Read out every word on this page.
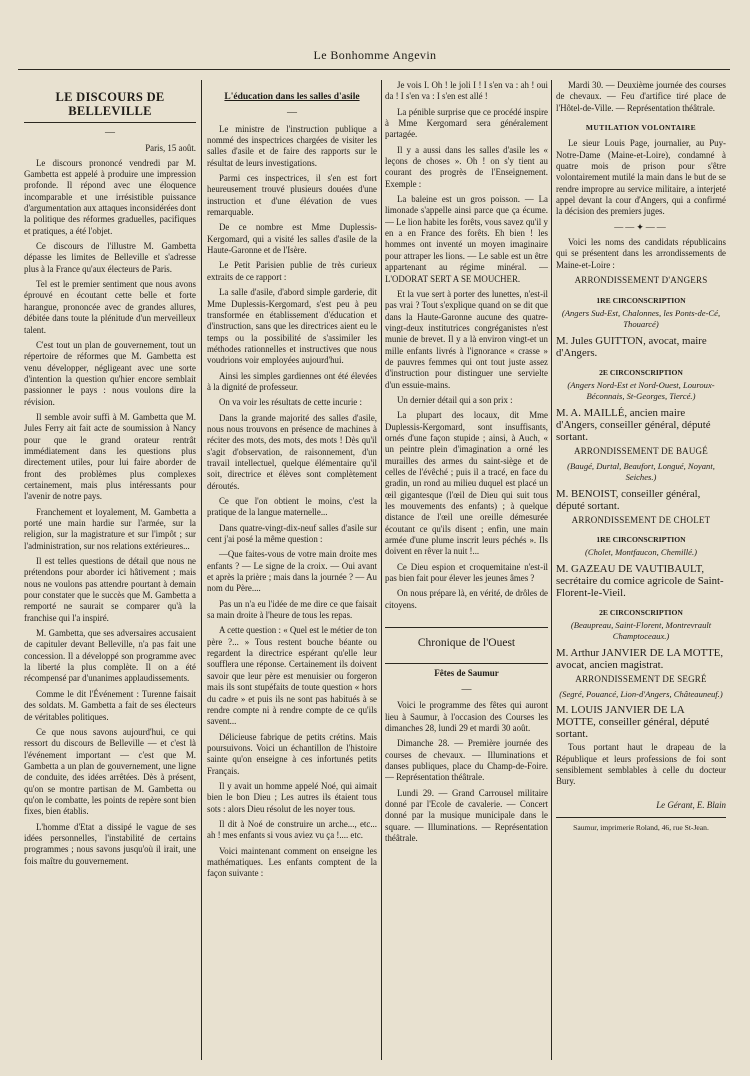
Le Bonhomme Angevin
LE DISCOURS DE BELLEVILLE
—
Paris, 15 août.

Le discours prononcé vendredi par M. Gambetta est appelé à produire une impression profonde. Il répond avec une éloquence incomparable et une irrésistible puissance d'argumentation aux attaques inconsidérées dont la politique des réformes graduelles, pacifiques et pratiques, a été l'objet.

Ce discours de l'illustre M. Gambetta dépasse les limites de Belleville et s'adresse plus à la France qu'aux électeurs de Paris.

Tel est le premier sentiment que nous avons éprouvé en écoutant cette belle et forte harangue, prononcée avec de grandes allures, débitée dans toute la plénitude d'un merveilleux talent.

C'est tout un plan de gouvernement, tout un répertoire de réformes que M. Gambetta est venu développer, négligeant avec une sorte d'intention la question qu'hier encore semblait passionner le pays : nous voulons dire la révision.

Il semble avoir suffi à M. Gambetta que M. Jules Ferry ait fait acte de soumission à Nancy pour que le grand orateur rentrât immédiatement dans les questions plus directement utiles, pour lui faire aborder de front des problèmes plus complexes certainement, mais plus intéressants pour l'avenir de notre pays.

Franchement et loyalement, M. Gambetta a porté une main hardie sur l'armée, sur la religion, sur la magistrature et sur l'impôt ; sur l'administration, sur nos relations extérieures...

Il est telles questions de détail que nous ne prétendons pour aborder ici hâtivement ; mais nous ne voulons pas attendre pourtant à demain pour constater que le succès que M. Gambetta a remporté ne saurait se comparer qu'à la franchise qui l'a inspiré.

M. Gambetta, que ses adversaires accusaient de capituler devant Belleville, n'a pas fait une concession. Il a développé son programme avec la liberté la plus complète. Il on a été récompensé par d'unanimes applaudissements.

Comme le dit l'Événement : Turenne faisait des soldats. M. Gambetta a fait de ses électeurs de véritables politiques.

Ce que nous savons aujourd'hui, ce qui ressort du discours de Belleville — et c'est là l'événement important — c'est que M. Gambetta a un plan de gouvernement, une ligne de conduite, des idées arrêtées. Dès à présent, qu'on se montre partisan de M. Gambetta ou qu'on le combatte, les points de repère sont bien fixes, bien établis.

L'homme d'Etat a dissipé le vague de ses idées personnelles, l'instabilité de certains programmes ; nous savons jusqu'où il irait, une fois maître du gouvernement.

L'éducation dans les salles d'asile
—

Le ministre de l'instruction publique a nommé des inspectrices chargées de visiter les salles d'asile et de faire des rapports sur le résultat de leurs investigations.

Parmi ces inspectrices, il s'en est fort heureusement trouvé plusieurs douées d'une instruction et d'une élévation de vues remarquable.

De ce nombre est Mme Duplessis-Kergomard, qui a visité les salles d'asile de la Haute-Garonne et de l'Isère.

Le Petit Parisien publie de très curieux extraits de ce rapport :

La salle d'asile, d'abord simple garderie, dit Mme Duplessis-Kergomard, s'est peu à peu transformée en établissement d'éducation et d'instruction, sans que les directrices aient eu le temps ou la possibilité de s'assimiler les méthodes rationnelles et instructives que nous voudrions voir employées aujourd'hui.

Ainsi les simples gardiennes ont été élevées à la dignité de professeur.

On va voir les résultats de cette incurie :

Dans la grande majorité des salles d'asile, nous nous trouvons en présence de machines à réciter des mots, des mots, des mots ! Dès qu'il s'agit d'observation, de raisonnement, d'un travail intellectuel, quelque élémentaire qu'il soit, directrice et élèves sont complètement déroutés.

Ce que l'on obtient le moins, c'est la pratique de la langue maternelle...

Dans quatre-vingt-dix-neuf salles d'asile sur cent j'ai posé la même question :

—Que faites-vous de votre main droite mes enfants ? — Le signe de la croix. — Oui avant et après la prière ; mais dans la journée ? — Au nom du Père....

Pas un n'a eu l'idée de me dire ce que faisait sa main droite à l'heure de tous les repas.

A cette question : « Quel est le métier de ton père ?... » Tous restent bouche béante ou regardent la directrice espérant qu'elle leur soufflera une réponse. Certainement ils doivent savoir que leur père est menuisier ou forgeron mais ils sont stupéfaits de toute question « hors du cadre » et puis ils ne sont pas habitués à se rendre compte ni à rendre compte de ce qu'ils savent...

Délicieuse fabrique de petits crétins. Mais poursuivons. Voici un échantillon de l'histoire sainte qu'on enseigne à ces infortunés petits Français.

Il y avait un homme appelé Noé, qui aimait bien le bon Dieu ; Les autres ils étaient tous sots : alors Dieu résolut de les noyer tous.

Il dit à Noé de construire un arche..., etc... ah ! mes enfants si vous aviez vu ça !.... etc.

Voici maintenant comment on enseigne les mathématiques. Les enfants comptent de la façon suivante :

Je vois I. Oh ! le joli I ! I s'en va : ah ! oui da ! I s'en va : I s'en est allé !

La pénible surprise que ce procédé inspire à Mme Kergomard sera généralement partagée.

Il y a aussi dans les salles d'asile les « leçons de choses ». Oh ! on s'y tient au courant des progrès de l'Enseignement. Exemple :

La baleine est un gros poisson. — La limonade s'appelle ainsi parce que ça écume. — Le lion habite les forêts, vous savez qu'il y en a en France des forêts. Eh bien ! les hommes ont inventé un moyen imaginaire pour attraper les lions. — Le sable est un être appartenant au régime minéral. — L'ODORAT SERT A SE MOUCHER.

Et la vue sert à porter des lunettes, n'est-il pas vrai ? Tout s'explique quand on se dit que dans la Haute-Garonne aucune des quatre-vingt-deux institutrices congréganistes n'est munie de brevet. Il y a là environ vingt-et un mille enfants livrés à l'ignorance « crasse » de pauvres femmes qui ont tout juste assez d'instruction pour distinguer une servielte d'un essuie-mains.

Un dernier détail qui a son prix :

La plupart des locaux, dit Mme Duplessis-Kergomard, sont insuffisants, ornés d'une façon stupide ; ainsi, à Auch, « un peintre plein d'imagination a orné les murailles des armes du saint-siège et de celles de l'évêché ; puis il a tracé, en face du gradin, un rond au milieu duquel est placé un œil gigantesque (l'œil de Dieu qui suit tous les mouvements des enfants) ; à quelque distance de l'œil une oreille démesurée écoutant ce qu'ils disent ; enfin, une main armée d'une plume inscrit leurs péchés ». Ils doivent en rêver la nuit !...

Ce Dieu espion et croquemitaine n'est-il pas bien fait pour élever les jeunes âmes ?

On nous prépare là, en vérité, de drôles de citoyens.

Chronique de l'Ouest
Fêtes de Saumur
—

Voici le programme des fêtes qui auront lieu à Saumur, à l'occasion des Courses les dimanches 28, lundi 29 et mardi 30 août.

Dimanche 28. — Première journée des courses de chevaux. — Illuminations et danses publiques, place du Champ-de-Foire. — Représentation théâtrale.

Lundi 29. — Grand Carrousel militaire donné par l'Ecole de cavalerie. — Concert donné par la musique municipale dans le square. — Illuminations. — Représentation théâtrale.

Mardi 30. — Deuxième journée des courses de chevaux. — Feu d'artifice tiré place de l'Hôtel-de-Ville. — Représentation théâtrale.

MUTILATION VOLONTAIRE

Le sieur Louis Page, journalier, au Puy-Notre-Dame (Maine-et-Loire), condamné à quatre mois de prison pour s'être volontairement mutilé la main dans le but de se rendre impropre au service militaire, a interjeté appel devant la cour d'Angers, qui a confirmé la décision des premiers juges.

——✦——

Voici les noms des candidats républicains qui se présentent dans les arrondissements de Maine-et-Loire :

ARRONDISSEMENT D'ANGERS
1RE CIRCONSCRIPTION
(Angers Sud-Est, Chalonnes, les Ponts-de-Cé, Thouarcé)
M. Jules GUITTON, avocat, maire d'Angers.
2E CIRCONSCRIPTION
(Angers Nord-Est et Nord-Ouest, Louroux-Béconnais, St-Georges, Tiercé.)
M. A. MAILLÉ, ancien maire d'Angers, conseiller général, député sortant.
ARRONDISSEMENT DE BAUGÉ
(Baugé, Durtal, Beaufort, Longué, Noyant, Seiches.)
M. BENOIST, conseiller général, député sortant.
ARRONDISSEMENT DE CHOLET
1RE CIRCONSCRIPTION
(Cholet, Montfaucon, Chemillé.)
M. GAZEAU DE VAUTIBAULT, secrétaire du comice agricole de Saint-Florent-le-Vieil.
2E CIRCONSCRIPTION
(Beaupreau, Saint-Florent, Montrevrault Champtoceaux.)
M. Arthur JANVIER DE LA MOTTE, avocat, ancien magistrat.
ARRONDISSEMENT DE SEGRÉ
(Segré, Pouancé, Lion-d'Angers, Châteauneuf.)
M. LOUIS JANVIER DE LA MOTTE, conseiller général, député sortant.

Tous portant haut le drapeau de la République et leurs professions de foi sont sensiblement semblables à celle du docteur Bury.

Le Gérant, E. Blain
Saumur, imprimerie Roland, 46, rue St-Jean.
